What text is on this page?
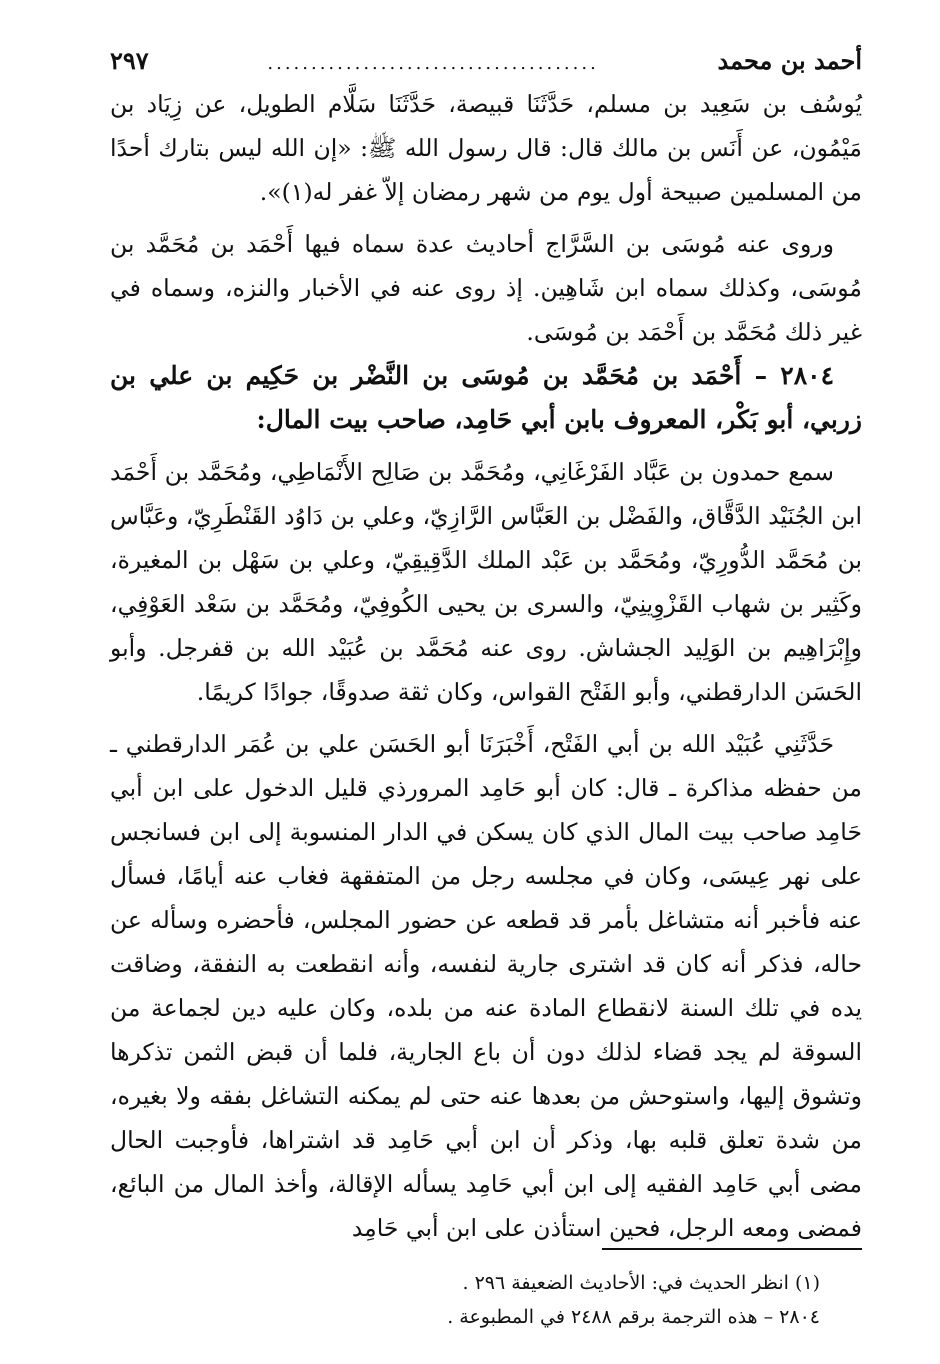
أحمد بن محمد
......................................
٢٩٧

يُوسُف بن سَعِيد بن مسلم، حَدَّثَنَا قبيصة، حَدَّثَنَا سَلَّام الطويل، عن زِيَاد بن مَيْمُون، عن أَنَس بن مالك قال: قال رسول الله ﷺ: «إن الله ليس بتارك أحدًا من المسلمين صبيحة أول يوم من شهر رمضان إلاّ غفر له(١)».

وروى عنه مُوسَى بن السَّرَّاج أحاديث عدة سماه فيها أَحْمَد بن مُحَمَّد بن مُوسَى، وكذلك سماه ابن شَاهِين. إذ روى عنه في الأخبار والنزه، وسماه في غير ذلك مُحَمَّد بن أَحْمَد بن مُوسَى.

٢٨٠٤ – أَحْمَد بن مُحَمَّد بن مُوسَى بن النَّضْر بن حَكِيم بن علي بن زربي، أبو بَكْر، المعروف بابن أبي حَامِد، صاحب بيت المال:

سمع حمدون بن عَبَّاد الفَرْغَانِي، ومُحَمَّد بن صَالِح الأَنْمَاطِي، ومُحَمَّد بن أَحْمَد ابن الجُنَيْد الدَّقَّاق، والفَضْل بن العَبَّاس الرَّازِيّ، وعلي بن دَاوُد القَنْطَرِيّ، وعَبَّاس بن مُحَمَّد الدُّورِيّ، ومُحَمَّد بن عَبْد الملك الدَّقِيقِيّ، وعلي بن سَهْل بن المغيرة، وكَثِير بن شهاب القَزْوِينِيّ، والسرى بن يحيى الكُوفِيّ، ومُحَمَّد بن سَعْد العَوْفِي، وإِبْرَاهِيم بن الوَلِيد الجشاش. روى عنه مُحَمَّد بن عُبَيْد الله بن قفرجل. وأبو الحَسَن الدارقطني، وأبو الفَتْح القواس، وكان ثقة صدوقًا، جوادًا كريمًا.

حَدَّثَنِي عُبَيْد الله بن أبي الفَتْح، أَخْبَرَنَا أبو الحَسَن علي بن عُمَر الدارقطني ـ من حفظه مذاكرة ـ قال: كان أبو حَامِد المرورذي قليل الدخول على ابن أبي حَامِد صاحب بيت المال الذي كان يسكن في الدار المنسوبة إلى ابن فسانجس على نهر عِيسَى، وكان في مجلسه رجل من المتفقهة فغاب عنه أيامًا، فسأل عنه فأخبر أنه متشاغل بأمر قد قطعه عن حضور المجلس، فأحضره وسأله عن حاله، فذكر أنه كان قد اشترى جارية لنفسه، وأنه انقطعت به النفقة، وضاقت يده في تلك السنة لانقطاع المادة عنه من بلده، وكان عليه دين لجماعة من السوقة لم يجد قضاء لذلك دون أن باع الجارية، فلما أن قبض الثمن تذكرها وتشوق إليها، واستوحش من بعدها عنه حتى لم يمكنه التشاغل بفقه ولا بغيره، من شدة تعلق قلبه بها، وذكر أن ابن أبي حَامِد قد اشتراها، فأوجبت الحال مضى أبي حَامِد الفقيه إلى ابن أبي حَامِد يسأله الإقالة، وأخذ المال من البائع، فمضى ومعه الرجل، فحين استأذن على ابن أبي حَامِد

(١) انظر الحديث في: الأحاديث الضعيفة ٢٩٦ .

٢٨٠٤ – هذه الترجمة برقم ٢٤٨٨ في المطبوعة .
